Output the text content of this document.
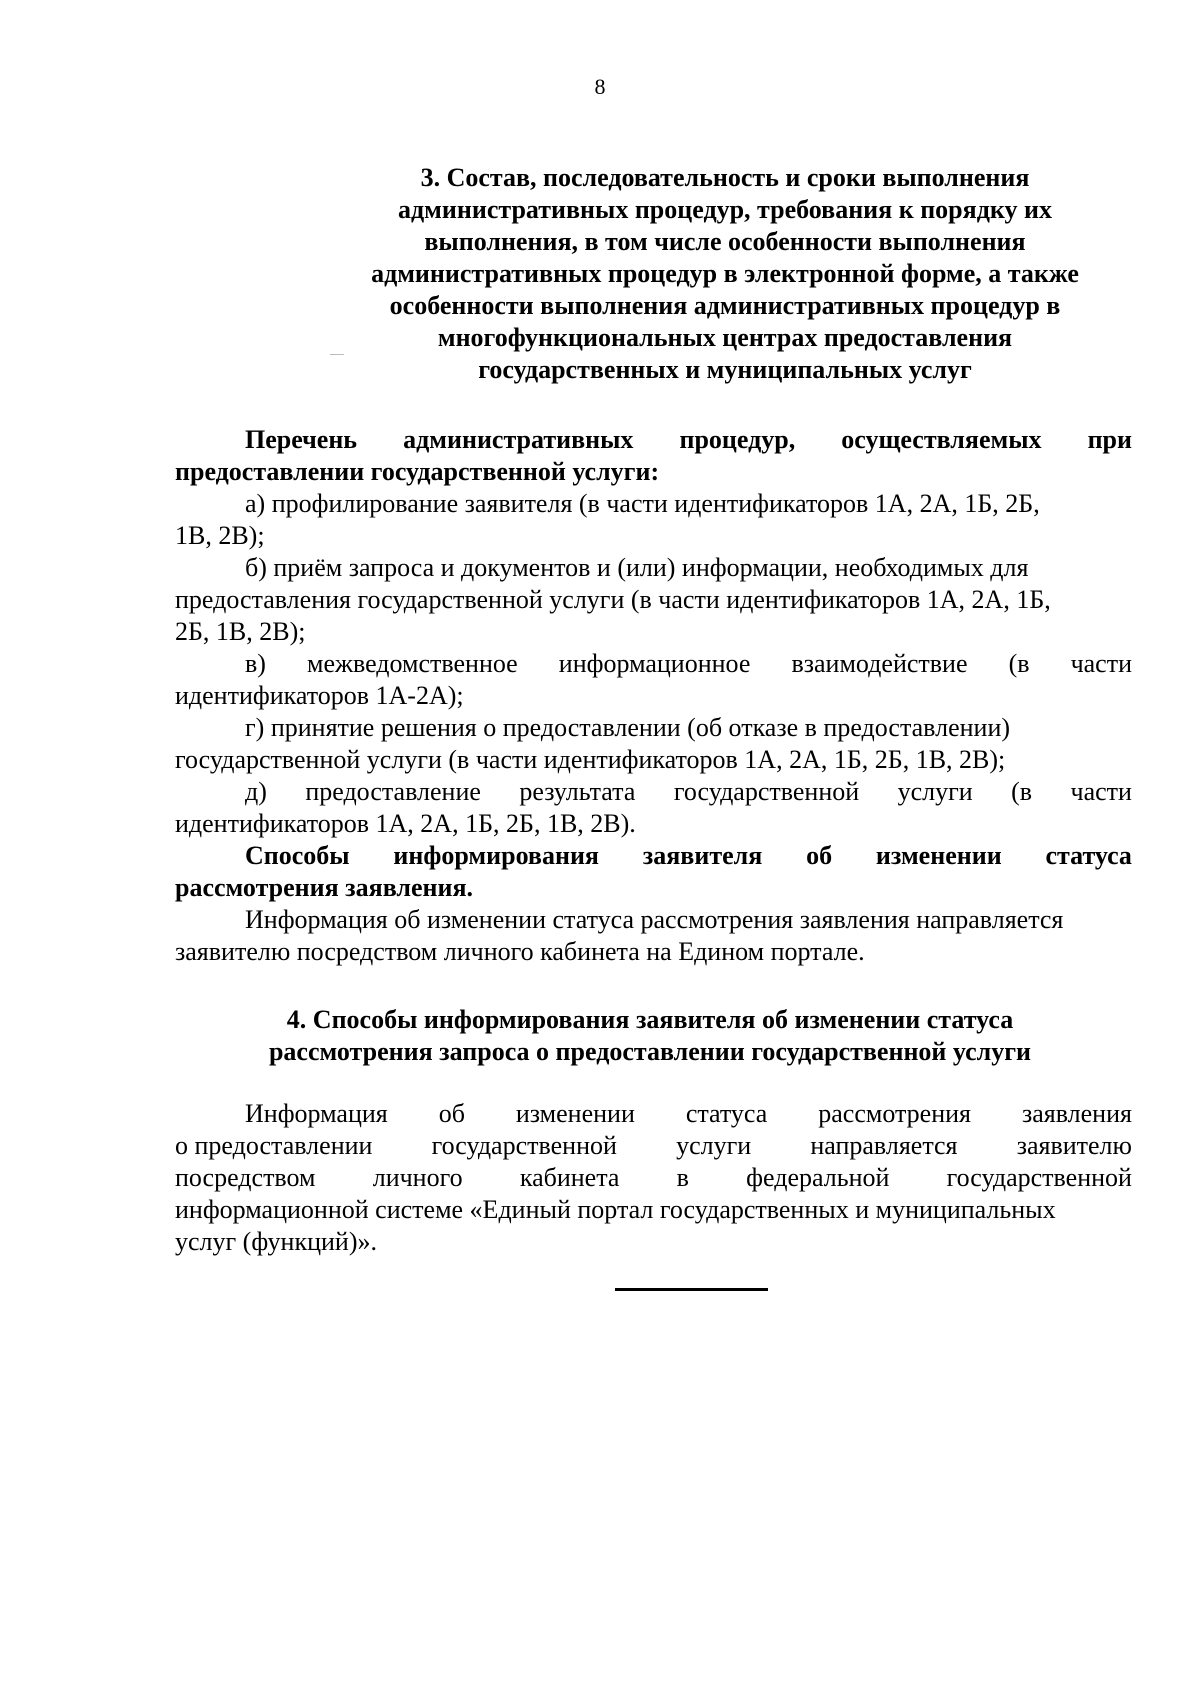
8
3. Состав, последовательность и сроки выполнения
административных процедур, требования к порядку их
выполнения, в том числе особенности выполнения
административных процедур в электронной форме, а также
особенности выполнения административных процедур в
многофункциональных центрах предоставления
государственных и муниципальных услуг
Перечень административных процедур, осуществляемых при
предоставлении государственной услуги:
а) профилирование заявителя (в части идентификаторов 1А, 2А, 1Б, 2Б,
1В, 2В);
б) приём запроса и документов и (или) информации, необходимых для
предоставления государственной услуги (в части идентификаторов 1А, 2А, 1Б,
2Б, 1В, 2В);
в) межведомственное информационное взаимодействие (в части
идентификаторов 1А-2А);
г) принятие решения о предоставлении (об отказе в предоставлении)
государственной услуги (в части идентификаторов 1А, 2А, 1Б, 2Б, 1В, 2В);
д) предоставление результата государственной услуги (в части
идентификаторов 1А, 2А, 1Б, 2Б, 1В, 2В).
Способы информирования заявителя об изменении статуса
рассмотрения заявления.
Информация об изменении статуса рассмотрения заявления направляется
заявителю посредством личного кабинета на Едином портале.
4. Способы информирования заявителя об изменении статуса
рассмотрения запроса о предоставлении государственной услуги
Информация об изменении статуса рассмотрения заявления
о предоставлении государственной услуги направляется заявителю
посредством личного кабинета в федеральной государственной
информационной системе «Единый портал государственных и муниципальных
услуг (функций)».
